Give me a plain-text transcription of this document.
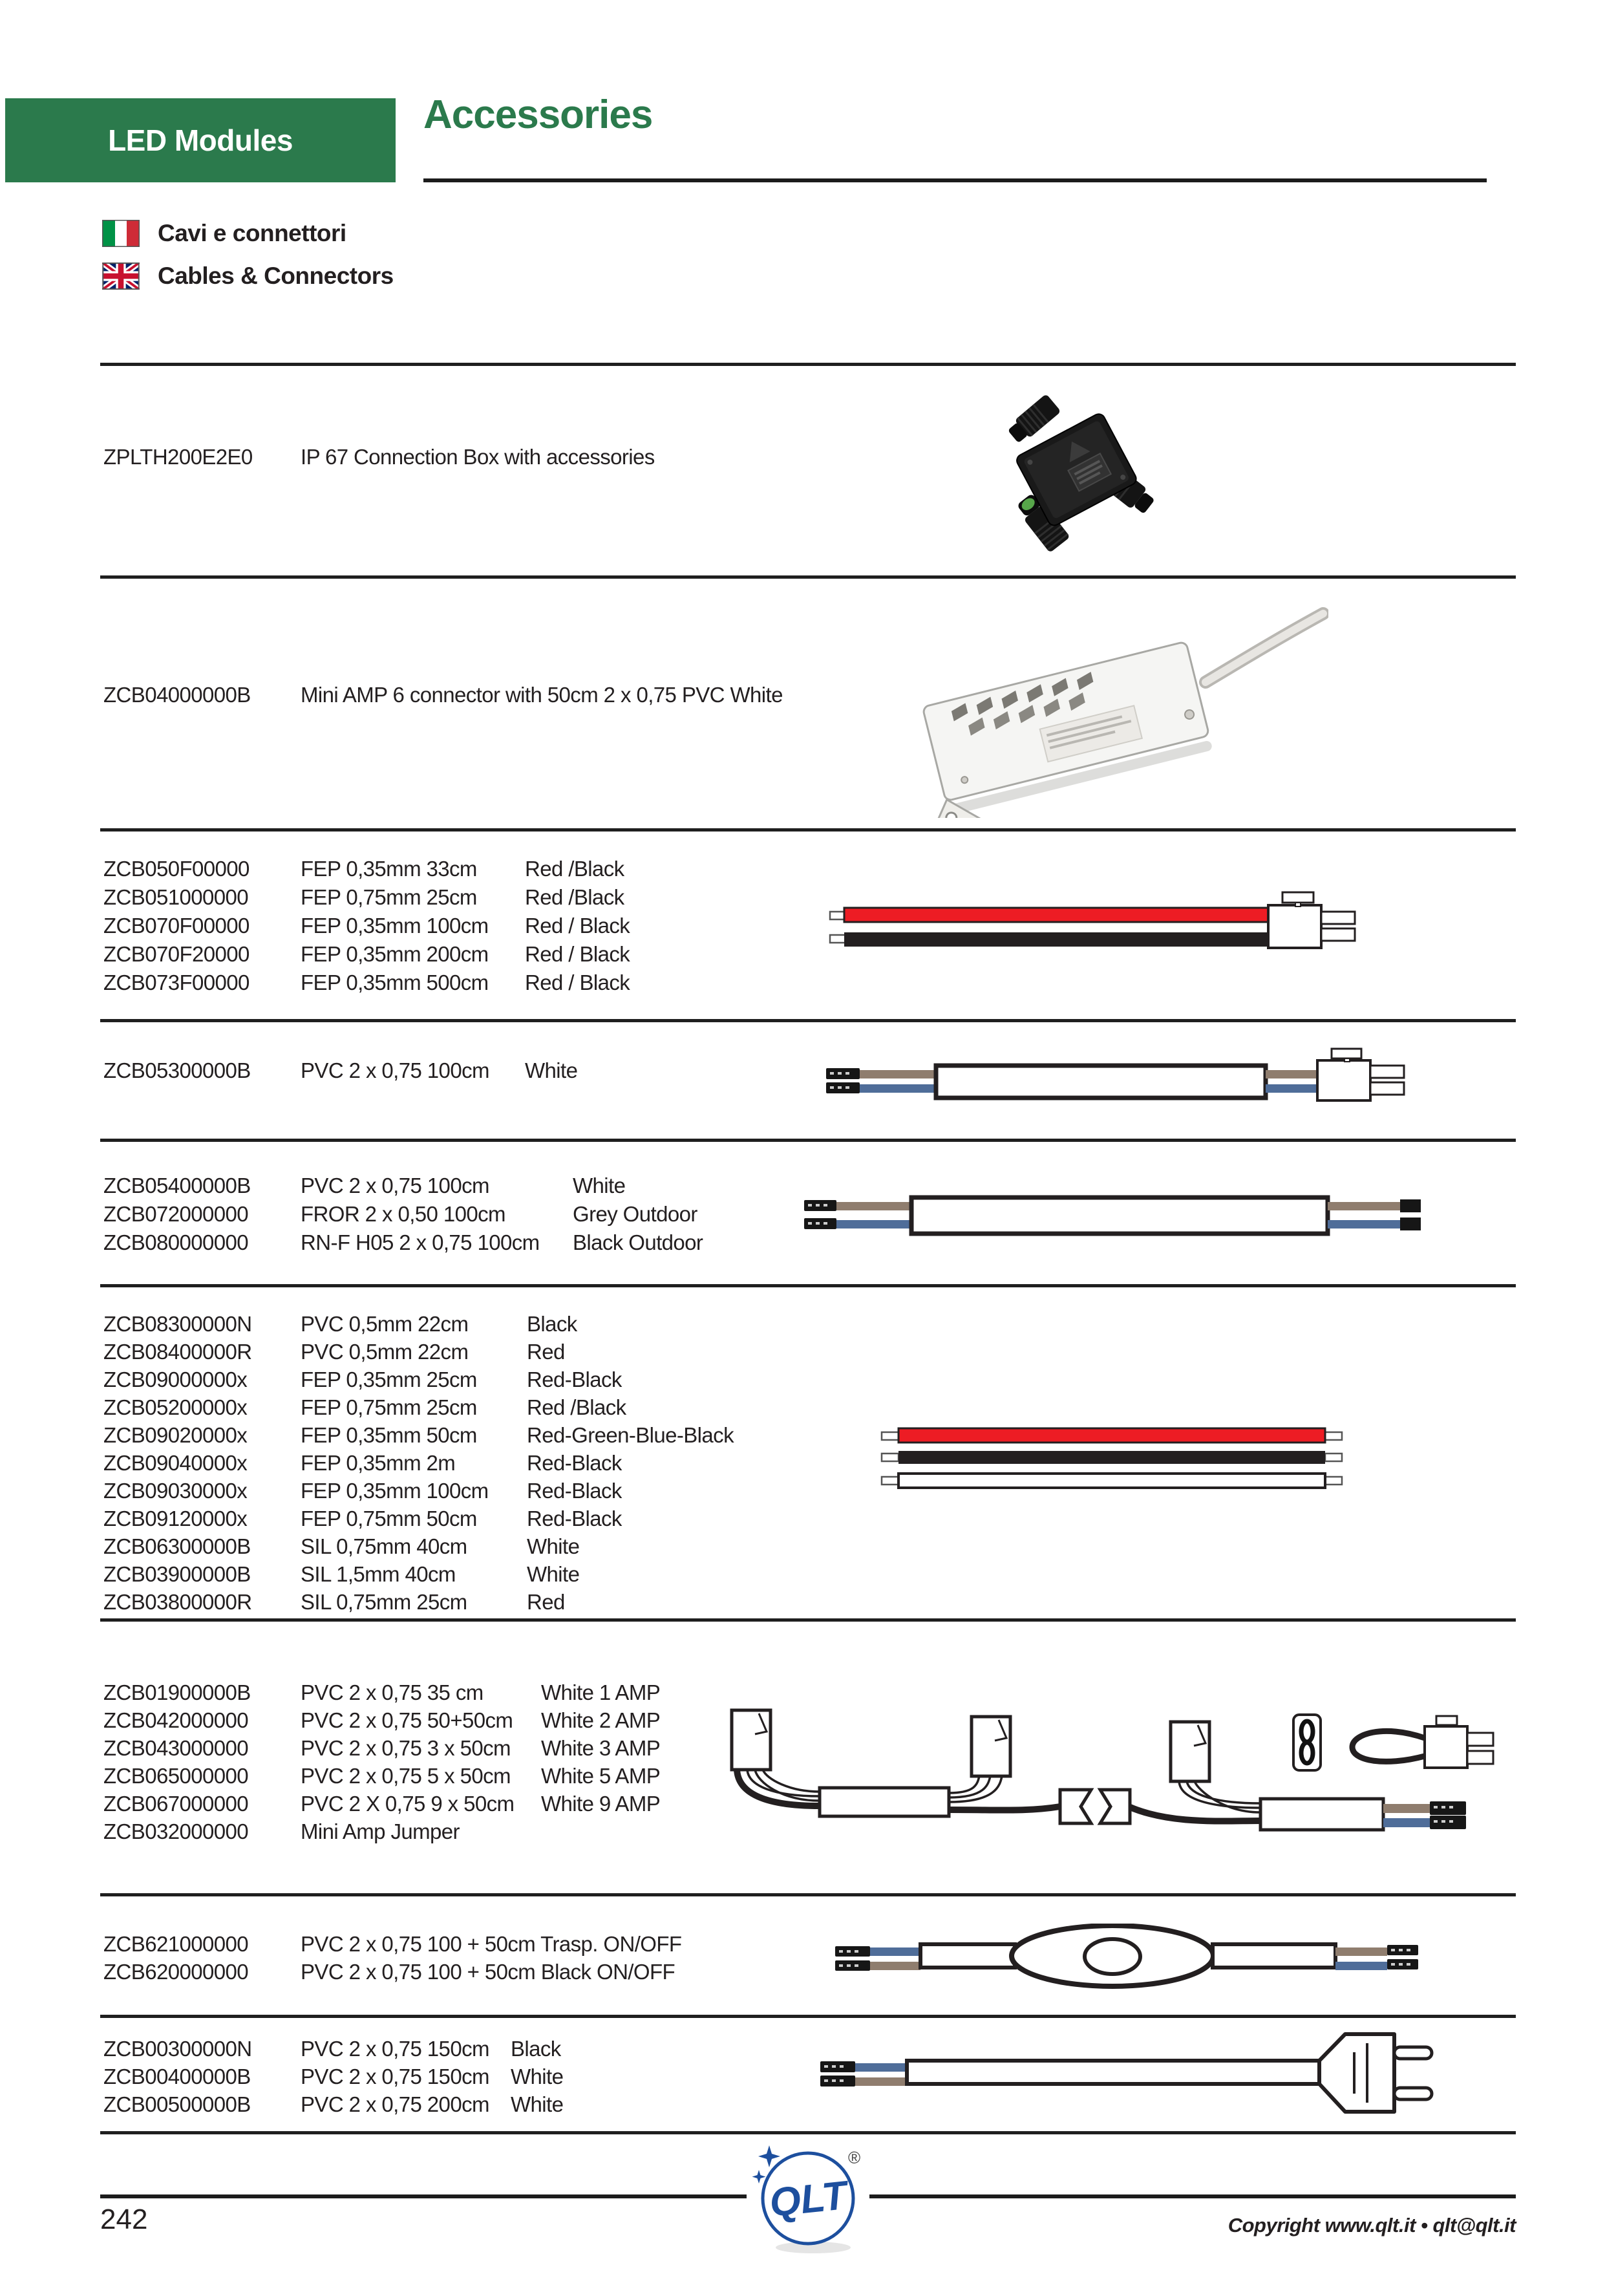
LED Modules
Accessories
Cavi e connettori
Cables & Connectors
ZPLTH200E2E0 IP 67 Connection Box with accessories
ZCB04000000B Mini AMP 6 connector with 50cm 2 x 0,75 PVC White
ZCB050F00000 FEP 0,35mm 33cm Red /Black
ZCB051000000 FEP 0,75mm 25cm Red /Black
ZCB070F00000 FEP 0,35mm 100cm Red / Black
ZCB070F20000 FEP 0,35mm 200cm Red / Black
ZCB073F00000 FEP 0,35mm 500cm Red / Black
ZCB05300000B PVC 2 x 0,75 100cm White
ZCB05400000B PVC 2 x 0,75 100cm	White
ZCB072000000 FROR 2 x 0,50 100cm	Grey Outdoor
ZCB080000000 RN-F H05 2 x 0,75 100cm Black Outdoor
ZCB08300000N PVC 0,5mm 22cm	Black
ZCB08400000R PVC 0,5mm 22cm	Red
ZCB09000000x	FEP 0,35mm 25cm Red-Black
ZCB05200000x	FEP 0,75mm 25cm Red /Black
ZCB09020000x	FEP 0,35mm 50cm Red-Green-Blue-Black
ZCB09040000x	FEP 0,35mm 2m	Red-Black
ZCB09030000x	FEP 0,35mm 100cm Red-Black
ZCB09120000x	FEP 0,75mm 50cm Red-Black
ZCB06300000B SIL 0,75mm 40cm	White
ZCB03900000B SIL 1,5mm 40cm	White
ZCB03800000R SIL 0,75mm 25cm	Red
ZCB01900000B PVC 2 x 0,75 35 cm	White 1 AMP
ZCB042000000 PVC 2 x 0,75 50+50cm White 2 AMP
ZCB043000000 PVC 2 x 0,75 3 x 50cm White 3 AMP
ZCB065000000 PVC 2 x 0,75 5 x 50cm White 5 AMP
ZCB067000000 PVC 2 X 0,75 9 x 50cm White 9 AMP
ZCB032000000 Mini Amp Jumper
ZCB621000000 PVC 2 x 0,75 100 + 50cm Trasp. ON/OFF
ZCB620000000 PVC 2 x 0,75 100 + 50cm Black ON/OFF
ZCB00300000N PVC 2 x 0,75 150cm Black
ZCB00400000B PVC 2 x 0,75 150cm White
ZCB00500000B PVC 2 x 0,75 200cm White
QLT
®
242	Copyright www.qlt.it • qlt@qlt.it
